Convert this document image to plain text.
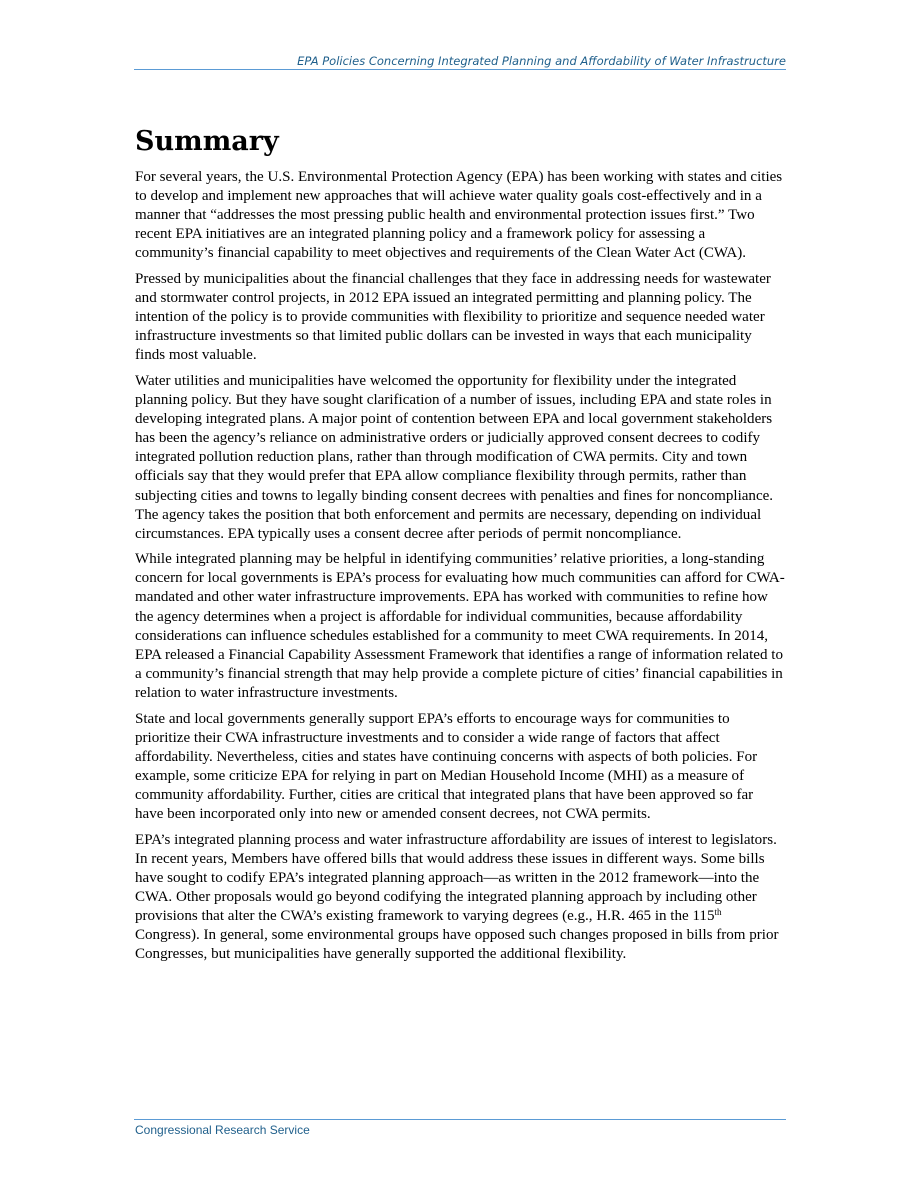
EPA Policies Concerning Integrated Planning and Affordability of Water Infrastructure
Summary

For several years, the U.S. Environmental Protection Agency (EPA) has been working with states and cities to develop and implement new approaches that will achieve water quality goals cost-effectively and in a manner that “addresses the most pressing public health and environmental protection issues first.” Two recent EPA initiatives are an integrated planning policy and a framework policy for assessing a community’s financial capability to meet objectives and requirements of the Clean Water Act (CWA).

Pressed by municipalities about the financial challenges that they face in addressing needs for wastewater and stormwater control projects, in 2012 EPA issued an integrated permitting and planning policy. The intention of the policy is to provide communities with flexibility to prioritize and sequence needed water infrastructure investments so that limited public dollars can be invested in ways that each municipality finds most valuable.

Water utilities and municipalities have welcomed the opportunity for flexibility under the integrated planning policy. But they have sought clarification of a number of issues, including EPA and state roles in developing integrated plans. A major point of contention between EPA and local government stakeholders has been the agency’s reliance on administrative orders or judicially approved consent decrees to codify integrated pollution reduction plans, rather than through modification of CWA permits. City and town officials say that they would prefer that EPA allow compliance flexibility through permits, rather than subjecting cities and towns to legally binding consent decrees with penalties and fines for noncompliance. The agency takes the position that both enforcement and permits are necessary, depending on individual circumstances. EPA typically uses a consent decree after periods of permit noncompliance.

While integrated planning may be helpful in identifying communities’ relative priorities, a long-standing concern for local governments is EPA’s process for evaluating how much communities can afford for CWA-mandated and other water infrastructure improvements. EPA has worked with communities to refine how the agency determines when a project is affordable for individual communities, because affordability considerations can influence schedules established for a community to meet CWA requirements. In 2014, EPA released a Financial Capability Assessment Framework that identifies a range of information related to a community’s financial strength that may help provide a complete picture of cities’ financial capabilities in relation to water infrastructure investments.

State and local governments generally support EPA’s efforts to encourage ways for communities to prioritize their CWA infrastructure investments and to consider a wide range of factors that affect affordability. Nevertheless, cities and states have continuing concerns with aspects of both policies. For example, some criticize EPA for relying in part on Median Household Income (MHI) as a measure of community affordability. Further, cities are critical that integrated plans that have been approved so far have been incorporated only into new or amended consent decrees, not CWA permits.

EPA’s integrated planning process and water infrastructure affordability are issues of interest to legislators. In recent years, Members have offered bills that would address these issues in different ways. Some bills have sought to codify EPA’s integrated planning approach—as written in the 2012 framework—into the CWA. Other proposals would go beyond codifying the integrated planning approach by including other provisions that alter the CWA’s existing framework to varying degrees (e.g., H.R. 465 in the 115th Congress). In general, some environmental groups have opposed such changes proposed in bills from prior Congresses, but municipalities have generally supported the additional flexibility.

Congressional Research Service
